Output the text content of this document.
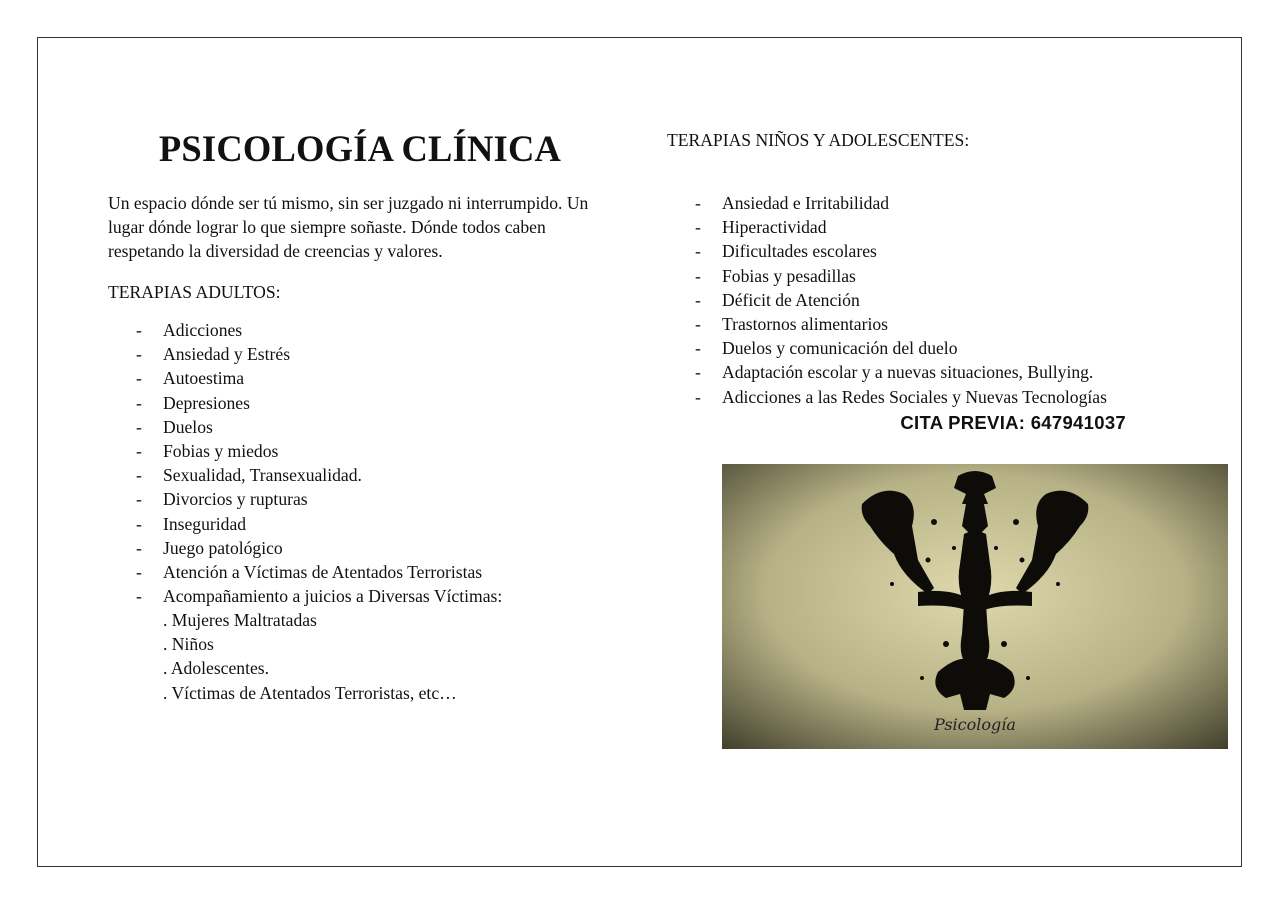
PSICOLOGÍA CLÍNICA

Un espacio dónde ser tú mismo, sin ser juzgado ni interrumpido. Un lugar dónde lograr lo que siempre soñaste. Dónde todos caben respetando la diversidad de creencias y valores.

TERAPIAS ADULTOS:

- Adicciones
- Ansiedad y Estrés
- Autoestima
- Depresiones
- Duelos
- Fobias y miedos
- Sexualidad, Transexualidad.
- Divorcios y rupturas
- Inseguridad
- Juego patológico
- Atención a Víctimas de Atentados Terroristas
- Acompañamiento a juicios a Diversas Víctimas:
. Mujeres Maltratadas
. Niños
. Adolescentes.
. Víctimas de Atentados Terroristas, etc…

TERAPIAS NIÑOS Y ADOLESCENTES:

- Ansiedad e Irritabilidad
- Hiperactividad
- Dificultades escolares
- Fobias y pesadillas
- Déficit de Atención
- Trastornos alimentarios
- Duelos y comunicación del duelo
- Adaptación escolar y a nuevas situaciones, Bullying.
- Adicciones a las Redes Sociales y Nuevas Tecnologías

CITA PREVIA: 647941037

Psicología
